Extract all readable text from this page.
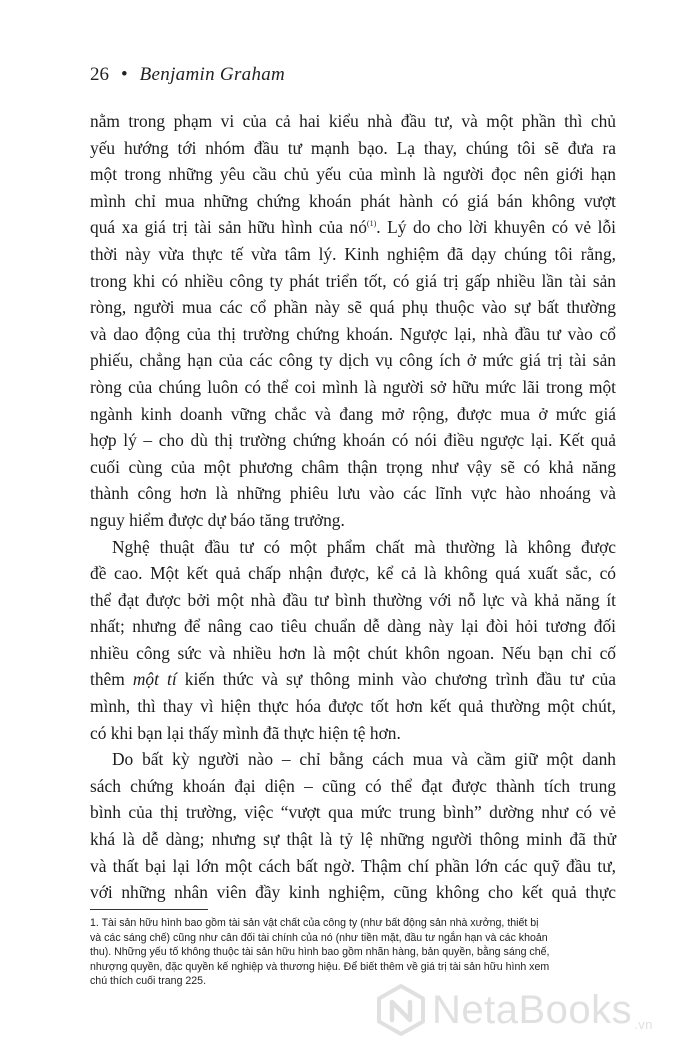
26 • Benjamin Graham
nằm trong phạm vi của cả hai kiểu nhà đầu tư, và một phần thì chủ
yếu hướng tới nhóm đầu tư mạnh bạo. Lạ thay, chúng tôi sẽ đưa ra
một trong những yêu cầu chủ yếu của mình là người đọc nên giới hạn
mình chỉ mua những chứng khoán phát hành có giá bán không vượt
quá xa giá trị tài sản hữu hình của nó$^{(1)}$. Lý do cho lời khuyên có vẻ lỗi
thời này vừa thực tế vừa tâm lý. Kinh nghiệm đã dạy chúng tôi rằng,
trong khi có nhiều công ty phát triển tốt, có giá trị gấp nhiều lần tài sản
ròng, người mua các cổ phần này sẽ quá phụ thuộc vào sự bất thường
và dao động của thị trường chứng khoán. Ngược lại, nhà đầu tư vào cổ
phiếu, chẳng hạn của các công ty dịch vụ công ích ở mức giá trị tài sản
ròng của chúng luôn có thể coi mình là người sở hữu mức lãi trong một
ngành kinh doanh vững chắc và đang mở rộng, được mua ở mức giá
hợp lý – cho dù thị trường chứng khoán có nói điều ngược lại. Kết quả
cuối cùng của một phương châm thận trọng như vậy sẽ có khả năng
thành công hơn là những phiêu lưu vào các lĩnh vực hào nhoáng và
nguy hiểm được dự báo tăng trưởng.
Nghệ thuật đầu tư có một phẩm chất mà thường là không được
đề cao. Một kết quả chấp nhận được, kể cả là không quá xuất sắc, có
thể đạt được bởi một nhà đầu tư bình thường với nỗ lực và khả năng ít
nhất; nhưng để nâng cao tiêu chuẩn dễ dàng này lại đòi hỏi tương đối
nhiều công sức và nhiều hơn là một chút khôn ngoan. Nếu bạn chỉ cố
thêm một tí kiến thức và sự thông minh vào chương trình đầu tư của
mình, thì thay vì hiện thực hóa được tốt hơn kết quả thường một chút,
có khi bạn lại thấy mình đã thực hiện tệ hơn.
Do bất kỳ người nào – chỉ bằng cách mua và cầm giữ một danh
sách chứng khoán đại diện – cũng có thể đạt được thành tích trung
bình của thị trường, việc “vượt qua mức trung bình” dường như có vẻ
khá là dễ dàng; nhưng sự thật là tỷ lệ những người thông minh đã thử
và thất bại lại lớn một cách bất ngờ. Thậm chí phần lớn các quỹ đầu tư,
với những nhân viên đầy kinh nghiệm, cũng không cho kết quả thực
1. Tài sản hữu hình bao gồm tài sản vật chất của công ty (như bất động sản nhà xưởng, thiết bị
và các sáng chế) cũng như cân đối tài chính của nó (như tiền mặt, đầu tư ngắn hạn và các khoản
thu). Những yếu tố không thuộc tài sản hữu hình bao gồm nhãn hàng, bản quyền, bằng sáng chế,
nhượng quyền, đặc quyền kế nghiệp và thương hiệu. Để biết thêm về giá trị tài sản hữu hình xem
chú thích cuối trang 225.
NetaBooks .vn
